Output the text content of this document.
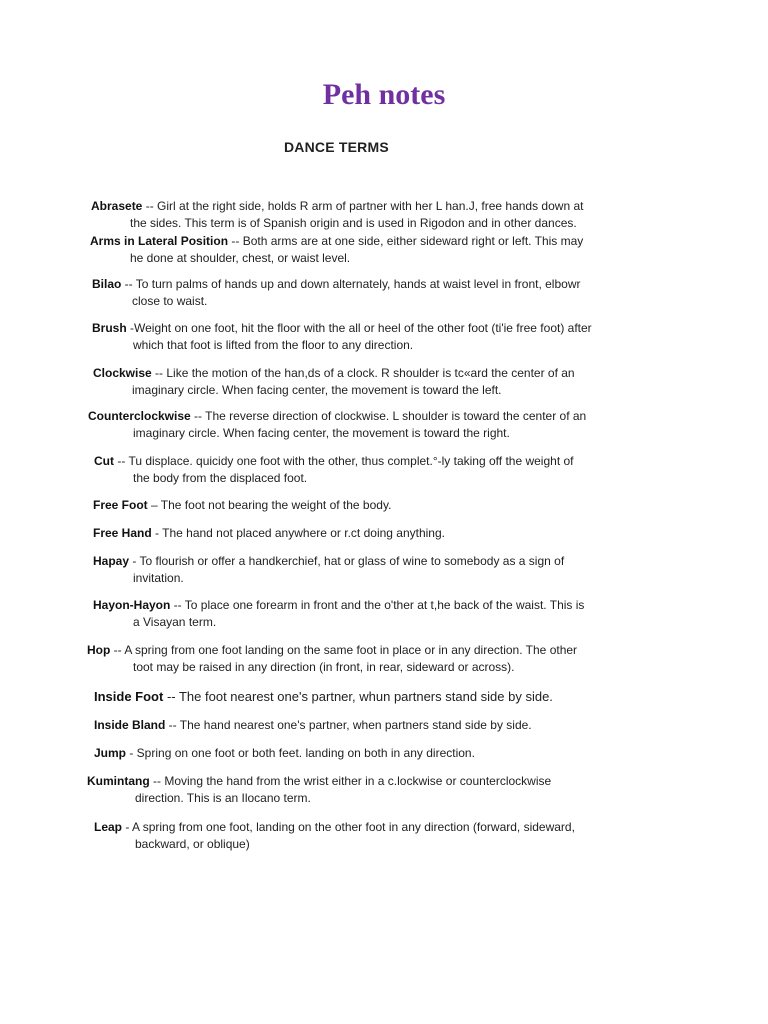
Peh notes
DANCE TERMS
Abrasete -- Girl at the right side, holds R arm of partner with her L han.J, free hands down at
the sides. This term is of Spanish origin and is used in Rigodon and in other dances.
Arms in Lateral Position -- Both arms are at one side, either sideward right or left. This may
he done at shoulder, chest, or waist level.
Bilao -- To turn palms of hands up and down alternately, hands at waist level in front, elbowr
close to waist.
Brush -Weight on one foot, hit the floor with the all or heel of the other foot (ti'ie free foot) after
which that foot is lifted from the floor to any direction.
Clockwise -- Like the motion of the han,ds of a clock. R shoulder is tc«ard the center of an
imaginary circle. When facing center, the movement is toward the left.
Counterclockwise -- The reverse direction of clockwise. L shoulder is toward the center of an
imaginary circle. When facing center, the movement is toward the right.
Cut -- Tu displace. quicidy one foot with the other, thus complet.°-ly taking off the weight of
the body from the displaced foot.
Free Foot – The foot not bearing the weight of the body.
Free Hand - The hand not placed anywhere or r.ct doing anything.
Hapay - To flourish or offer a handkerchief, hat or glass of wine to somebody as a sign of
invitation.
Hayon-Hayon -- To place one forearm in front and the o'ther at t,he back of the waist. This is
a Visayan term.
Hop -- A spring from one foot landing on the same foot in place or in any direction. The other
toot may be raised in any direction (in front, in rear, sideward or across).
Inside Foot -- The foot nearest one's partner, whun partners stand side by side.
Inside Bland -- The hand nearest one's partner, when partners stand side by side.
Jump - Spring on one foot or both feet. landing on both in any direction.
Kumintang -- Moving the hand from the wrist either in a c.lockwise or counterclockwise
direction. This is an Ilocano term.
Leap - A spring from one foot, landing on the other foot in any direction (forward, sideward,
backward, or oblique)
